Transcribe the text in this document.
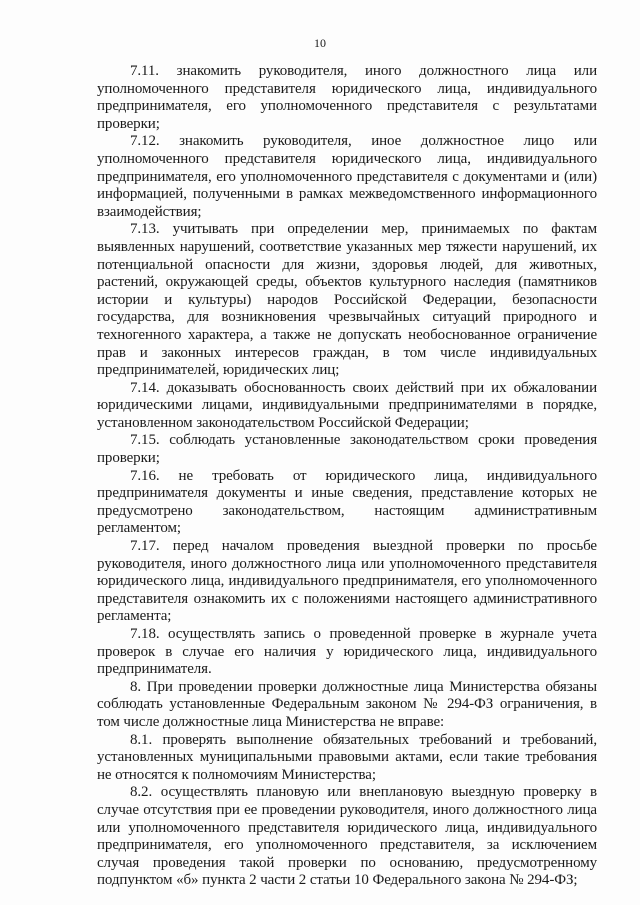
10

7.11. знакомить руководителя, иного должностного лица или уполномоченного представителя юридического лица, индивидуального предпринимателя, его уполномоченного представителя с результатами проверки;

7.12. знакомить руководителя, иное должностное лицо или уполномоченного представителя юридического лица, индивидуального предпринимателя, его уполномоченного представителя с документами и (или) информацией, полученными в рамках межведомственного информационного взаимодействия;

7.13. учитывать при определении мер, принимаемых по фактам выявленных нарушений, соответствие указанных мер тяжести нарушений, их потенциальной опасности для жизни, здоровья людей, для животных, растений, окружающей среды, объектов культурного наследия (памятников истории и культуры) народов Российской Федерации, безопасности государства, для возникновения чрезвычайных ситуаций природного и техногенного характера, а также не допускать необоснованное ограничение прав и законных интересов граждан, в том числе индивидуальных предпринимателей, юридических лиц;

7.14. доказывать обоснованность своих действий при их обжаловании юридическими лицами, индивидуальными предпринимателями в порядке, установленном законодательством Российской Федерации;

7.15. соблюдать установленные законодательством сроки проведения проверки;

7.16. не требовать от юридического лица, индивидуального предпринимателя документы и иные сведения, представление которых не предусмотрено законодательством, настоящим административным регламентом;

7.17. перед началом проведения выездной проверки по просьбе руководителя, иного должностного лица или уполномоченного представителя юридического лица, индивидуального предпринимателя, его уполномоченного представителя ознакомить их с положениями настоящего административного регламента;

7.18. осуществлять запись о проведенной проверке в журнале учета проверок в случае его наличия у юридического лица, индивидуального предпринимателя.

8. При проведении проверки должностные лица Министерства обязаны соблюдать установленные Федеральным законом № 294-ФЗ ограничения, в том числе должностные лица Министерства не вправе:

8.1. проверять выполнение обязательных требований и требований, установленных муниципальными правовыми актами, если такие требования не относятся к полномочиям Министерства;

8.2. осуществлять плановую или внеплановую выездную проверку в случае отсутствия при ее проведении руководителя, иного должностного лица или уполномоченного представителя юридического лица, индивидуального предпринимателя, его уполномоченного представителя, за исключением случая проведения такой проверки по основанию, предусмотренному подпунктом «б» пункта 2 части 2 статьи 10 Федерального закона № 294-ФЗ;
